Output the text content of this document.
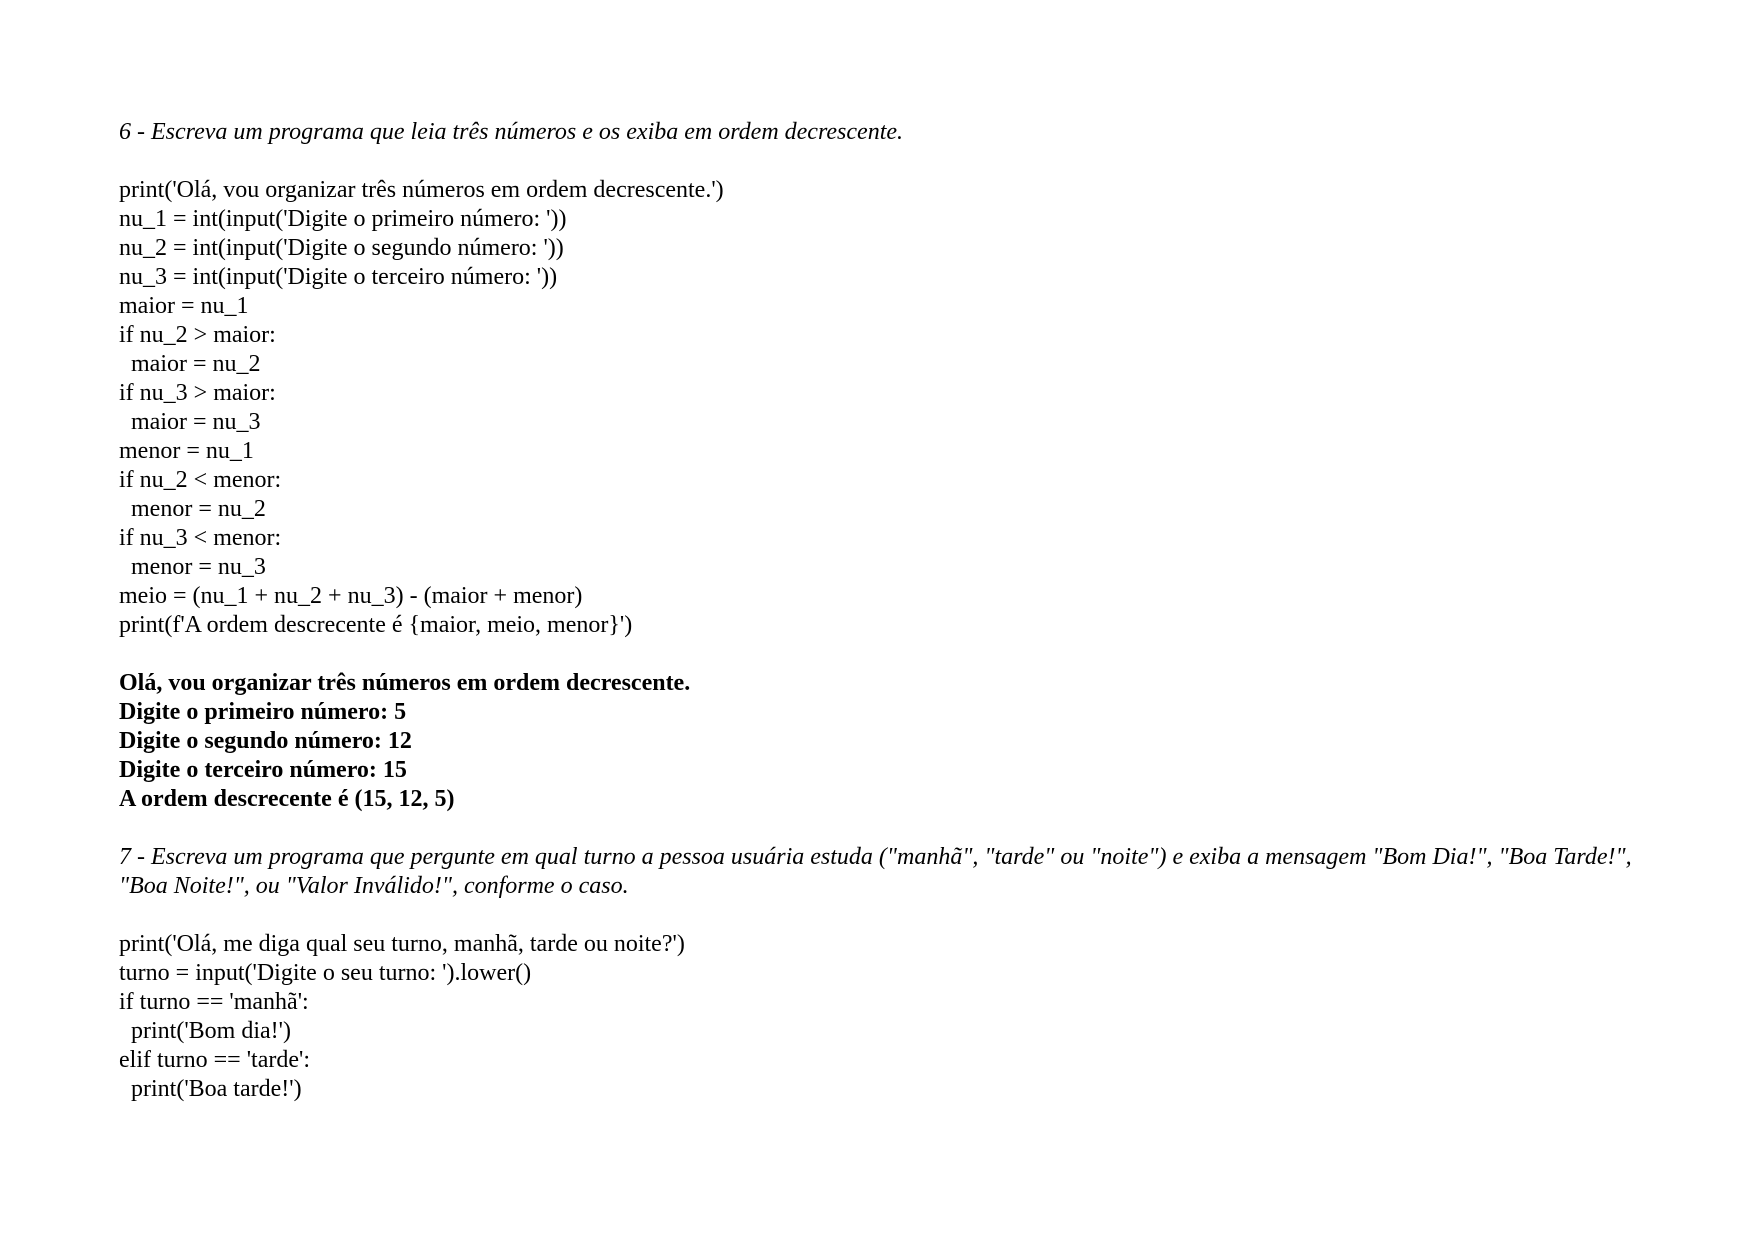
6 - Escreva um programa que leia três números e os exiba em ordem decrescente.
print('Olá, vou organizar três números em ordem decrescente.')
nu_1 = int(input('Digite o primeiro número: '))
nu_2 = int(input('Digite o segundo número: '))
nu_3 = int(input('Digite o terceiro número: '))
maior = nu_1
if nu_2 > maior:
maior = nu_2
if nu_3 > maior:
maior = nu_3
menor = nu_1
if nu_2 < menor:
menor = nu_2
if nu_3 < menor:
menor = nu_3
meio = (nu_1 + nu_2 + nu_3) - (maior + menor)
print(f'A ordem descrecente é {maior, meio, menor}')
Olá, vou organizar três números em ordem decrescente.
Digite o primeiro número: 5
Digite o segundo número: 12
Digite o terceiro número: 15
A ordem descrecente é (15, 12, 5)
7 - Escreva um programa que pergunte em qual turno a pessoa usuária estuda ("manhã", "tarde" ou "noite") e exiba a mensagem "Bom Dia!", "Boa Tarde!", "Boa Noite!", ou "Valor Inválido!", conforme o caso.
print('Olá, me diga qual seu turno, manhã, tarde ou noite?')
turno = input('Digite o seu turno: ').lower()
if turno == 'manhã':
print('Bom dia!')
elif turno == 'tarde':
print('Boa tarde!')
